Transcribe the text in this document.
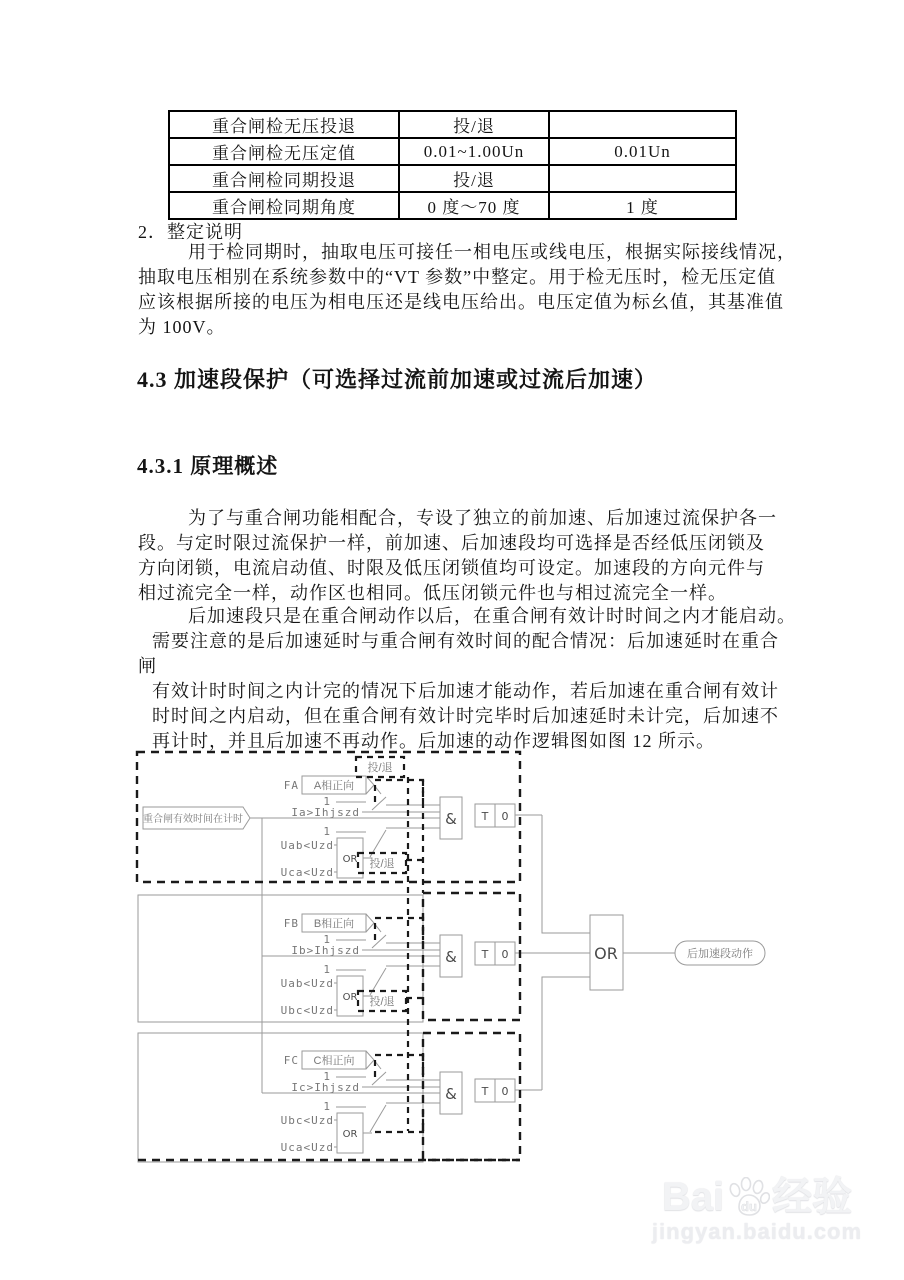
重合闸检无压投退	投/退	
重合闸检无压定值	0.01~1.00Un	0.01Un
重合闸检同期投退	投/退	
重合闸检同期角度	0 度～70 度	1 度
2．整定说明
用于检同期时，抽取电压可接任一相电压或线电压，根据实际接线情况，
抽取电压相别在系统参数中的“VT 参数”中整定。用于检无压时，检无压定值
应该根据所接的电压为相电压还是线电压给出。电压定值为标幺值，其基准值
为 100V。
4.3 加速段保护（可选择过流前加速或过流后加速）
4.3.1 原理概述
为了与重合闸功能相配合，专设了独立的前加速、后加速过流保护各一
段。与定时限过流保护一样，前加速、后加速段均可选择是否经低压闭锁及
方向闭锁，电流启动值、时限及低压闭锁值均可设定。加速段的方向元件与
相过流完全一样，动作区也相同。低压闭锁元件也与相过流完全一样。
后加速段只是在重合闸动作以后，在重合闸有效计时时间之内才能启动。
需要注意的是后加速延时与重合闸有效时间的配合情况：后加速延时在重合
闸
有效计时时间之内计完的情况下后加速才能动作，若后加速在重合闸有效计
时时间之内启动，但在重合闸有效计时完毕时后加速延时未计完，后加速不
再计时，并且后加速不再动作。后加速的动作逻辑图如图 12 所示。
重合闸有效时间在计时
FA A相正向
1
Ia>Ihjszd
1
Uab<Uzd
Uca<Uzd
OR
& T 0
FB B相正向
1
Ib>Ihjszd
1
Uab<Uzd
Ubc<Uzd
OR
& T 0
FC C相正向
1
Ic>Ihjszd
1
Ubc<Uzd
Uca<Uzd
OR
& T 0
OR	后加速段动作
投/退
投/退
投/退
Bai du 经验
jingyan.baidu.com
